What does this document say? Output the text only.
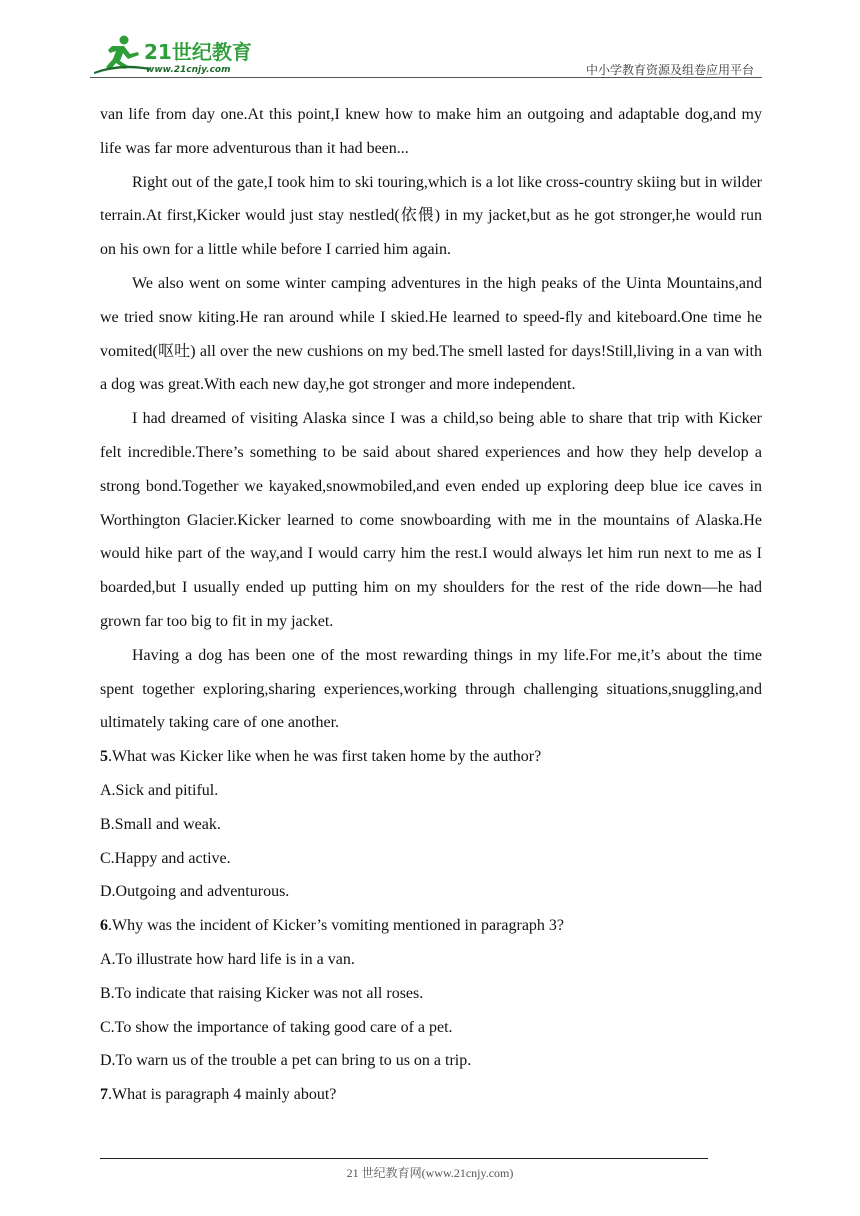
21世纪教育
www.21cnjy.com	中小学教育资源及组卷应用平台

van life from day one.At this point,I knew how to make him an outgoing and adaptable dog,and my life was far more adventurous than it had been...

Right out of the gate,I took him to ski touring,which is a lot like cross-country skiing but in wilder terrain.At first,Kicker would just stay nestled(依偎) in my jacket,but as he got stronger,he would run on his own for a little while before I carried him again.

We also went on some winter camping adventures in the high peaks of the Uinta Mountains,and we tried snow kiting.He ran around while I skied.He learned to speed-fly and kiteboard.One time he vomited(呕吐) all over the new cushions on my bed.The smell lasted for days!Still,living in a van with a dog was great.With each new day,he got stronger and more independent.

I had dreamed of visiting Alaska since I was a child,so being able to share that trip with Kicker felt incredible.There’s something to be said about shared experiences and how they help develop a strong bond.Together we kayaked,snowmobiled,and even ended up exploring deep blue ice caves in Worthington Glacier.Kicker learned to come snowboarding with me in the mountains of Alaska.He would hike part of the way,and I would carry him the rest.I would always let him run next to me as I boarded,but I usually ended up putting him on my shoulders for the rest of the ride down—he had grown far too big to fit in my jacket.

Having a dog has been one of the most rewarding things in my life.For me,it’s about the time spent together exploring,sharing experiences,working through challenging situations,snuggling,and ultimately taking care of one another.

5.What was Kicker like when he was first taken home by the author?

A.Sick and pitiful.

B.Small and weak.

C.Happy and active.

D.Outgoing and adventurous.

6.Why was the incident of Kicker’s vomiting mentioned in paragraph 3?

A.To illustrate how hard life is in a van.

B.To indicate that raising Kicker was not all roses.

C.To show the importance of taking good care of a pet.

D.To warn us of the trouble a pet can bring to us on a trip.

7.What is paragraph 4 mainly about?

21 世纪教育网(www.21cnjy.com)
